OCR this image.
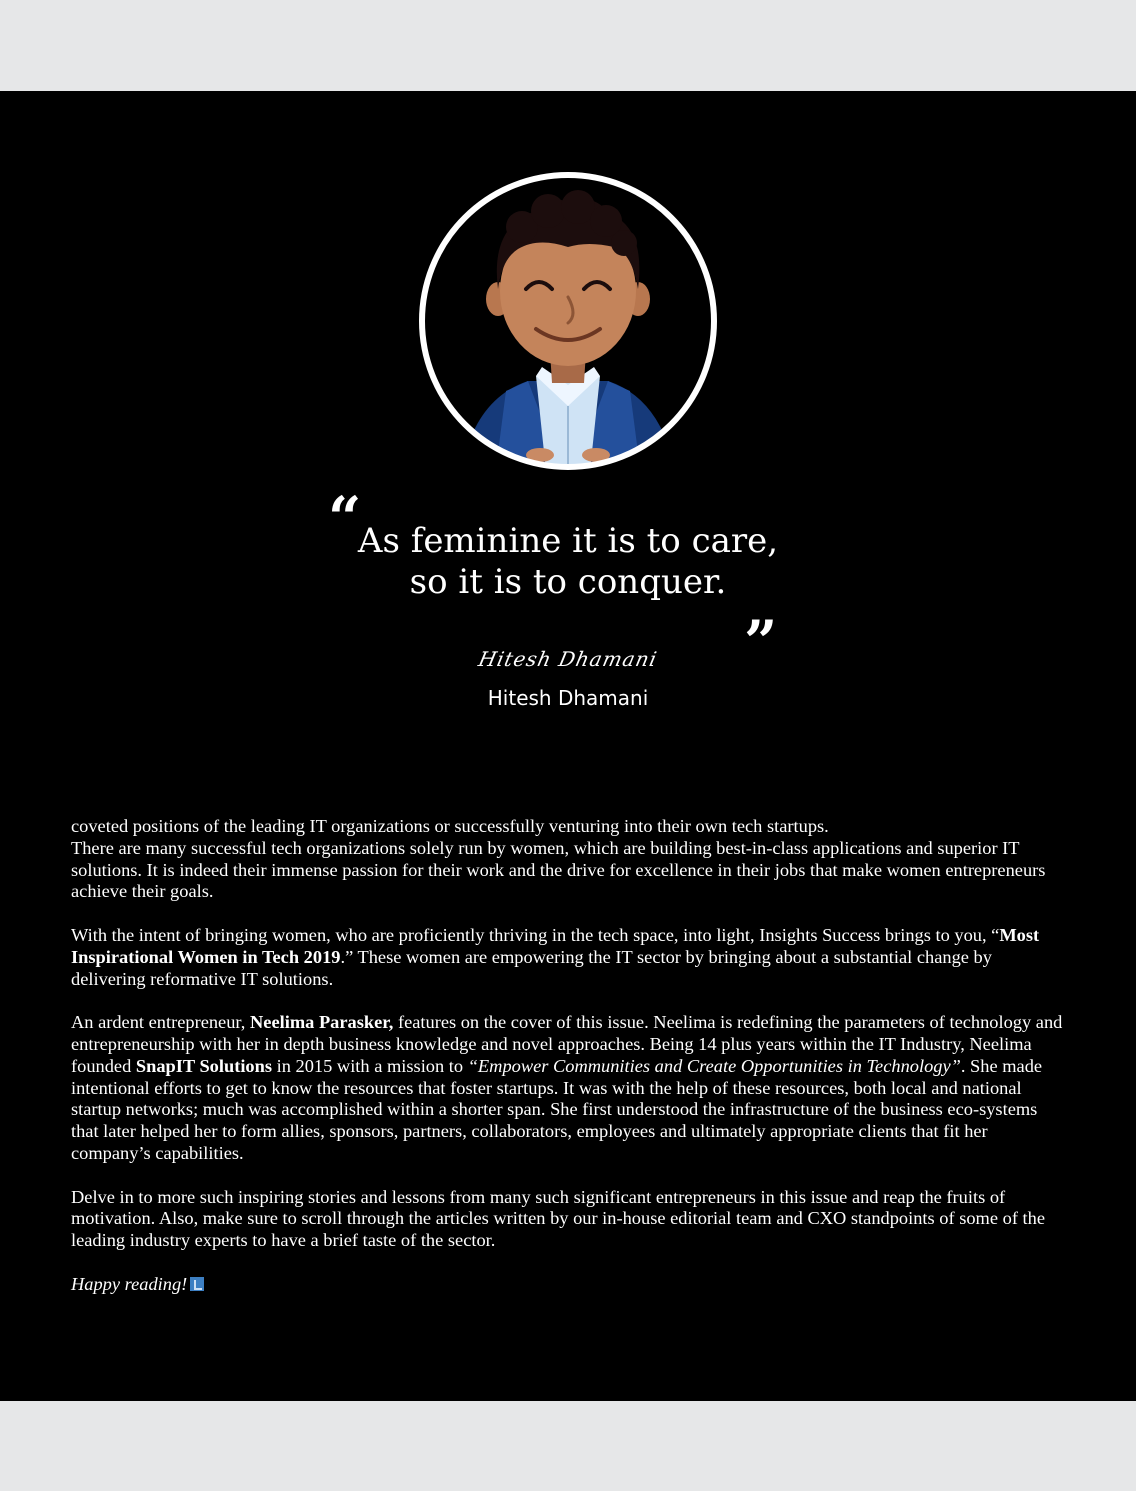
“
As feminine it is to care,
so it is to conquer.
”
Hitesh Dhamani
Hitesh Dhamani

coveted positions of the leading IT organizations or successfully venturing into their own tech startups.

There are many successful tech organizations solely run by women, which are building best-in-class applications and superior IT solutions. It is indeed their immense passion for their work and the drive for excellence in their jobs that make women entrepreneurs achieve their goals.

With the intent of bringing women, who are proficiently thriving in the tech space, into light, Insights Success brings to you, “Most Inspirational Women in Tech 2019.” These women are empowering the IT sector by bringing about a substantial change by delivering reformative IT solutions.

An ardent entrepreneur, Neelima Parasker, features on the cover of this issue. Neelima is redefining the parameters of technology and entrepreneurship with her in depth business knowledge and novel approaches. Being 14 plus years within the IT Industry, Neelima founded SnapIT Solutions in 2015 with a mission to “Empower Communities and Create Opportunities in Technology”. She made intentional efforts to get to know the resources that foster startups. It was with the help of these resources, both local and national startup networks; much was accomplished within a shorter span. She first understood the infrastructure of the business eco-systems that later helped her to form allies, sponsors, partners, collaborators, employees and ultimately appropriate clients that fit her company’s capabilities.

Delve in to more such inspiring stories and lessons from many such significant entrepreneurs in this issue and reap the fruits of motivation. Also, make sure to scroll through the articles written by our in-house editorial team and CXO standpoints of some of the leading industry experts to have a brief taste of the sector.

Happy reading!
